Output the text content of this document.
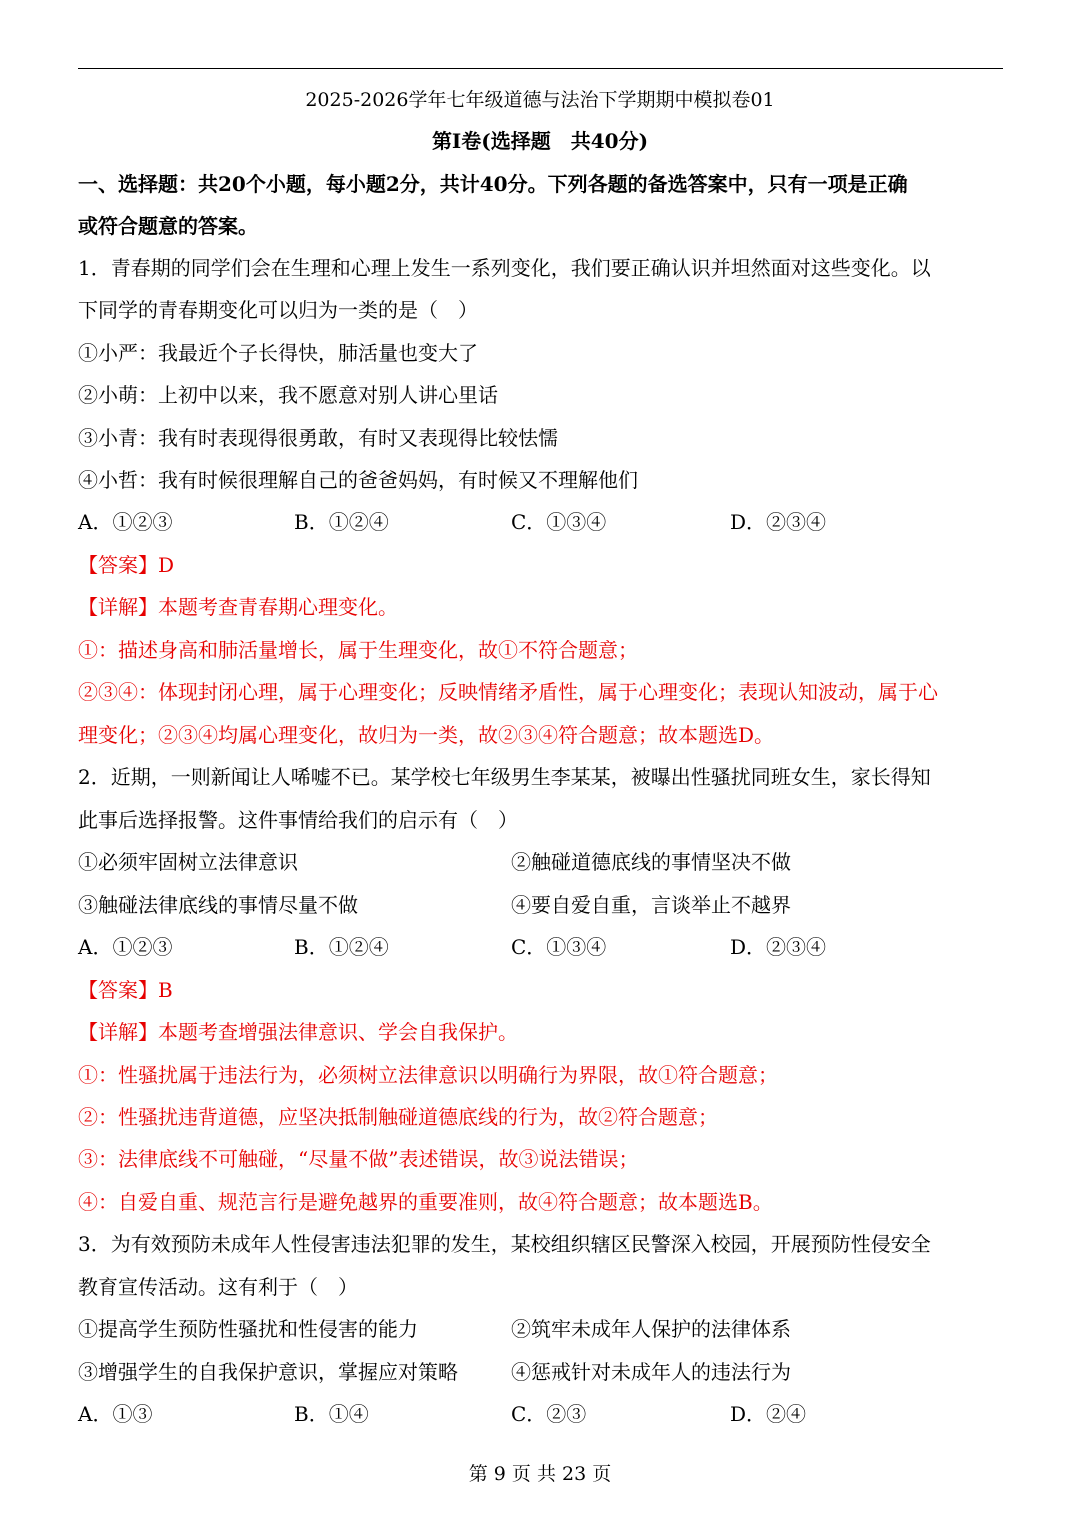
2025-2026学年七年级道德与法治下学期期中模拟卷01
第Ⅰ卷(选择题　共40分)
一、选择题：共20个小题，每小题2分，共计40分。下列各题的备选答案中，只有一项是正确
或符合题意的答案。
1．青春期的同学们会在生理和心理上发生一系列变化，我们要正确认识并坦然面对这些变化。以
下同学的青春期变化可以归为一类的是（　）
①小严：我最近个子长得快，肺活量也变大了
②小萌：上初中以来，我不愿意对别人讲心里话
③小青：我有时表现得很勇敢，有时又表现得比较怯懦
④小哲：我有时候很理解自己的爸爸妈妈，有时候又不理解他们
A．①②③	B．①②④	C．①③④	D．②③④
【答案】D
【详解】本题考查青春期心理变化。
①：描述身高和肺活量增长，属于生理变化，故①不符合题意；
②③④：体现封闭心理，属于心理变化；反映情绪矛盾性，属于心理变化；表现认知波动，属于心
理变化；②③④均属心理变化，故归为一类，故②③④符合题意；故本题选D。
2．近期，一则新闻让人唏嘘不已。某学校七年级男生李某某，被曝出性骚扰同班女生，家长得知
此事后选择报警。这件事情给我们的启示有（　）
①必须牢固树立法律意识	②触碰道德底线的事情坚决不做
③触碰法律底线的事情尽量不做	④要自爱自重，言谈举止不越界
A．①②③	B．①②④	C．①③④	D．②③④
【答案】B
【详解】本题考查增强法律意识、学会自我保护。
①：性骚扰属于违法行为，必须树立法律意识以明确行为界限，故①符合题意；
②：性骚扰违背道德，应坚决抵制触碰道德底线的行为，故②符合题意；
③：法律底线不可触碰，“尽量不做”表述错误，故③说法错误；
④：自爱自重、规范言行是避免越界的重要准则，故④符合题意；故本题选B。
3．为有效预防未成年人性侵害违法犯罪的发生，某校组织辖区民警深入校园，开展预防性侵安全
教育宣传活动。这有利于（　）
①提高学生预防性骚扰和性侵害的能力	②筑牢未成年人保护的法律体系
③增强学生的自我保护意识，掌握应对策略	④惩戒针对未成年人的违法行为
A．①③	B．①④	C．②③	D．②④
第 9 页 共 23 页
